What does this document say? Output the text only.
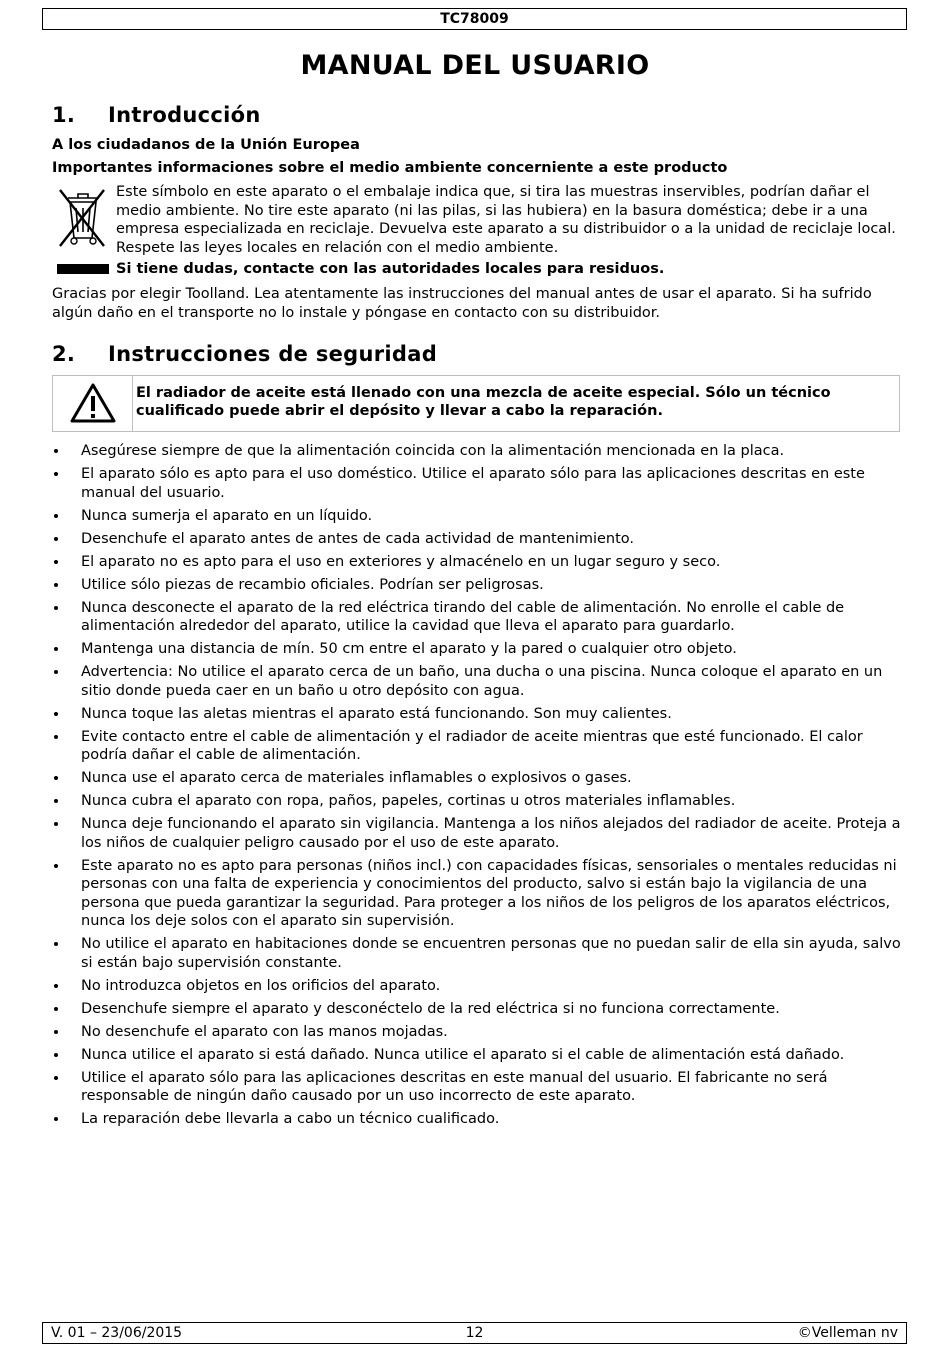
TC78009
MANUAL DEL USUARIO
1. Introducción
A los ciudadanos de la Unión Europea
Importantes informaciones sobre el medio ambiente concerniente a este producto

Este símbolo en este aparato o el embalaje indica que, si tira las muestras inservibles, podrían dañar el medio ambiente. No tire este aparato (ni las pilas, si las hubiera) en la basura doméstica; debe ir a una empresa especializada en reciclaje. Devuelva este aparato a su distribuidor o a la unidad de reciclaje local. Respete las leyes locales en relación con el medio ambiente.

Si tiene dudas, contacte con las autoridades locales para residuos.

Gracias por elegir Toolland. Lea atentamente las instrucciones del manual antes de usar el aparato. Si ha sufrido algún daño en el transporte no lo instale y póngase en contacto con su distribuidor.

2. Instrucciones de seguridad

El radiador de aceite está llenado con una mezcla de aceite especial. Sólo un técnico cualificado puede abrir el depósito y llevar a cabo la reparación.

Asegúrese siempre de que la alimentación coincida con la alimentación mencionada en la placa.
El aparato sólo es apto para el uso doméstico. Utilice el aparato sólo para las aplicaciones descritas en este manual del usuario.
Nunca sumerja el aparato en un líquido.
Desenchufe el aparato antes de antes de cada actividad de mantenimiento.
El aparato no es apto para el uso en exteriores y almacénelo en un lugar seguro y seco.
Utilice sólo piezas de recambio oficiales. Podrían ser peligrosas.
Nunca desconecte el aparato de la red eléctrica tirando del cable de alimentación. No enrolle el cable de alimentación alrededor del aparato, utilice la cavidad que lleva el aparato para guardarlo.
Mantenga una distancia de mín. 50 cm entre el aparato y la pared o cualquier otro objeto.
Advertencia: No utilice el aparato cerca de un baño, una ducha o una piscina. Nunca coloque el aparato en un sitio donde pueda caer en un baño u otro depósito con agua.
Nunca toque las aletas mientras el aparato está funcionando. Son muy calientes.
Evite contacto entre el cable de alimentación y el radiador de aceite mientras que esté funcionado. El calor podría dañar el cable de alimentación.
Nunca use el aparato cerca de materiales inflamables o explosivos o gases.
Nunca cubra el aparato con ropa, paños, papeles, cortinas u otros materiales inflamables.
Nunca deje funcionando el aparato sin vigilancia. Mantenga a los niños alejados del radiador de aceite. Proteja a los niños de cualquier peligro causado por el uso de este aparato.
Este aparato no es apto para personas (niños incl.) con capacidades físicas, sensoriales o mentales reducidas ni personas con una falta de experiencia y conocimientos del producto, salvo si están bajo la vigilancia de una persona que pueda garantizar la seguridad. Para proteger a los niños de los peligros de los aparatos eléctricos, nunca los deje solos con el aparato sin supervisión.
No utilice el aparato en habitaciones donde se encuentren personas que no puedan salir de ella sin ayuda, salvo si están bajo supervisión constante.
No introduzca objetos en los orificios del aparato.
Desenchufe siempre el aparato y desconéctelo de la red eléctrica si no funciona correctamente.
No desenchufe el aparato con las manos mojadas.
Nunca utilice el aparato si está dañado. Nunca utilice el aparato si el cable de alimentación está dañado.
Utilice el aparato sólo para las aplicaciones descritas en este manual del usuario. El fabricante no será responsable de ningún daño causado por un uso incorrecto de este aparato.
La reparación debe llevarla a cabo un técnico cualificado.
V. 01 – 23/06/2015	12	©Velleman nv
